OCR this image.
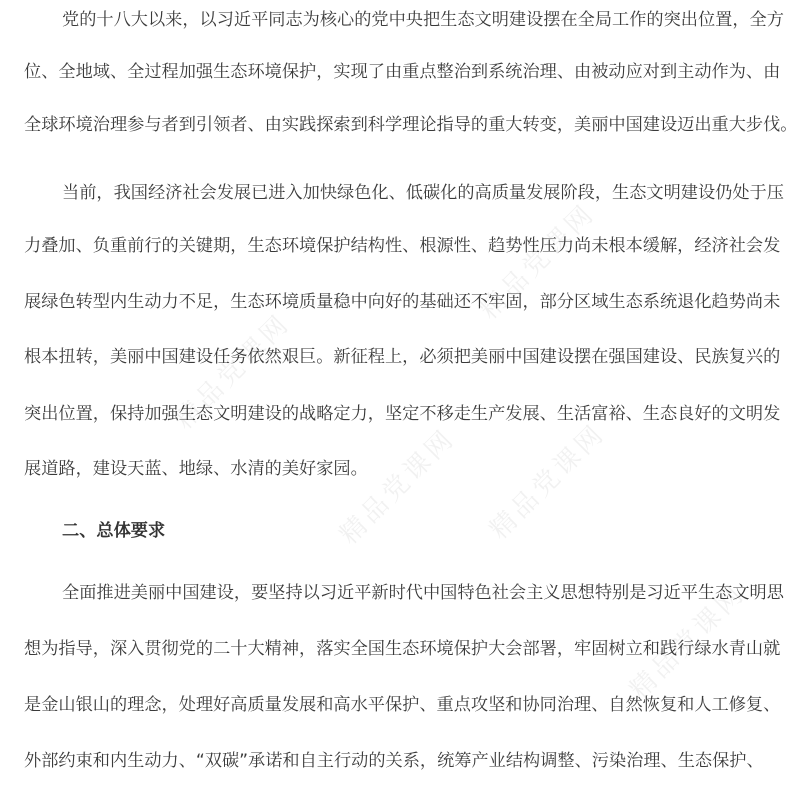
精品党课网
精品党课网
精品党课网
精品党课网
精品党课网
党的十八大以来，以习近平同志为核心的党中央把生态文明建设摆在全局工作的突出位置，全方
位、全地域、全过程加强生态环境保护，实现了由重点整治到系统治理、由被动应对到主动作为、由
全球环境治理参与者到引领者、由实践探索到科学理论指导的重大转变，美丽中国建设迈出重大步伐。
当前，我国经济社会发展已进入加快绿色化、低碳化的高质量发展阶段，生态文明建设仍处于压
力叠加、负重前行的关键期，生态环境保护结构性、根源性、趋势性压力尚未根本缓解，经济社会发
展绿色转型内生动力不足，生态环境质量稳中向好的基础还不牢固，部分区域生态系统退化趋势尚未
根本扭转，美丽中国建设任务依然艰巨。新征程上，必须把美丽中国建设摆在强国建设、民族复兴的
突出位置，保持加强生态文明建设的战略定力，坚定不移走生产发展、生活富裕、生态良好的文明发
展道路，建设天蓝、地绿、水清的美好家园。
二、总体要求
全面推进美丽中国建设，要坚持以习近平新时代中国特色社会主义思想特别是习近平生态文明思
想为指导，深入贯彻党的二十大精神，落实全国生态环境保护大会部署，牢固树立和践行绿水青山就
是金山银山的理念，处理好高质量发展和高水平保护、重点攻坚和协同治理、自然恢复和人工修复、
外部约束和内生动力、“双碳”承诺和自主行动的关系，统筹产业结构调整、污染治理、生态保护、
